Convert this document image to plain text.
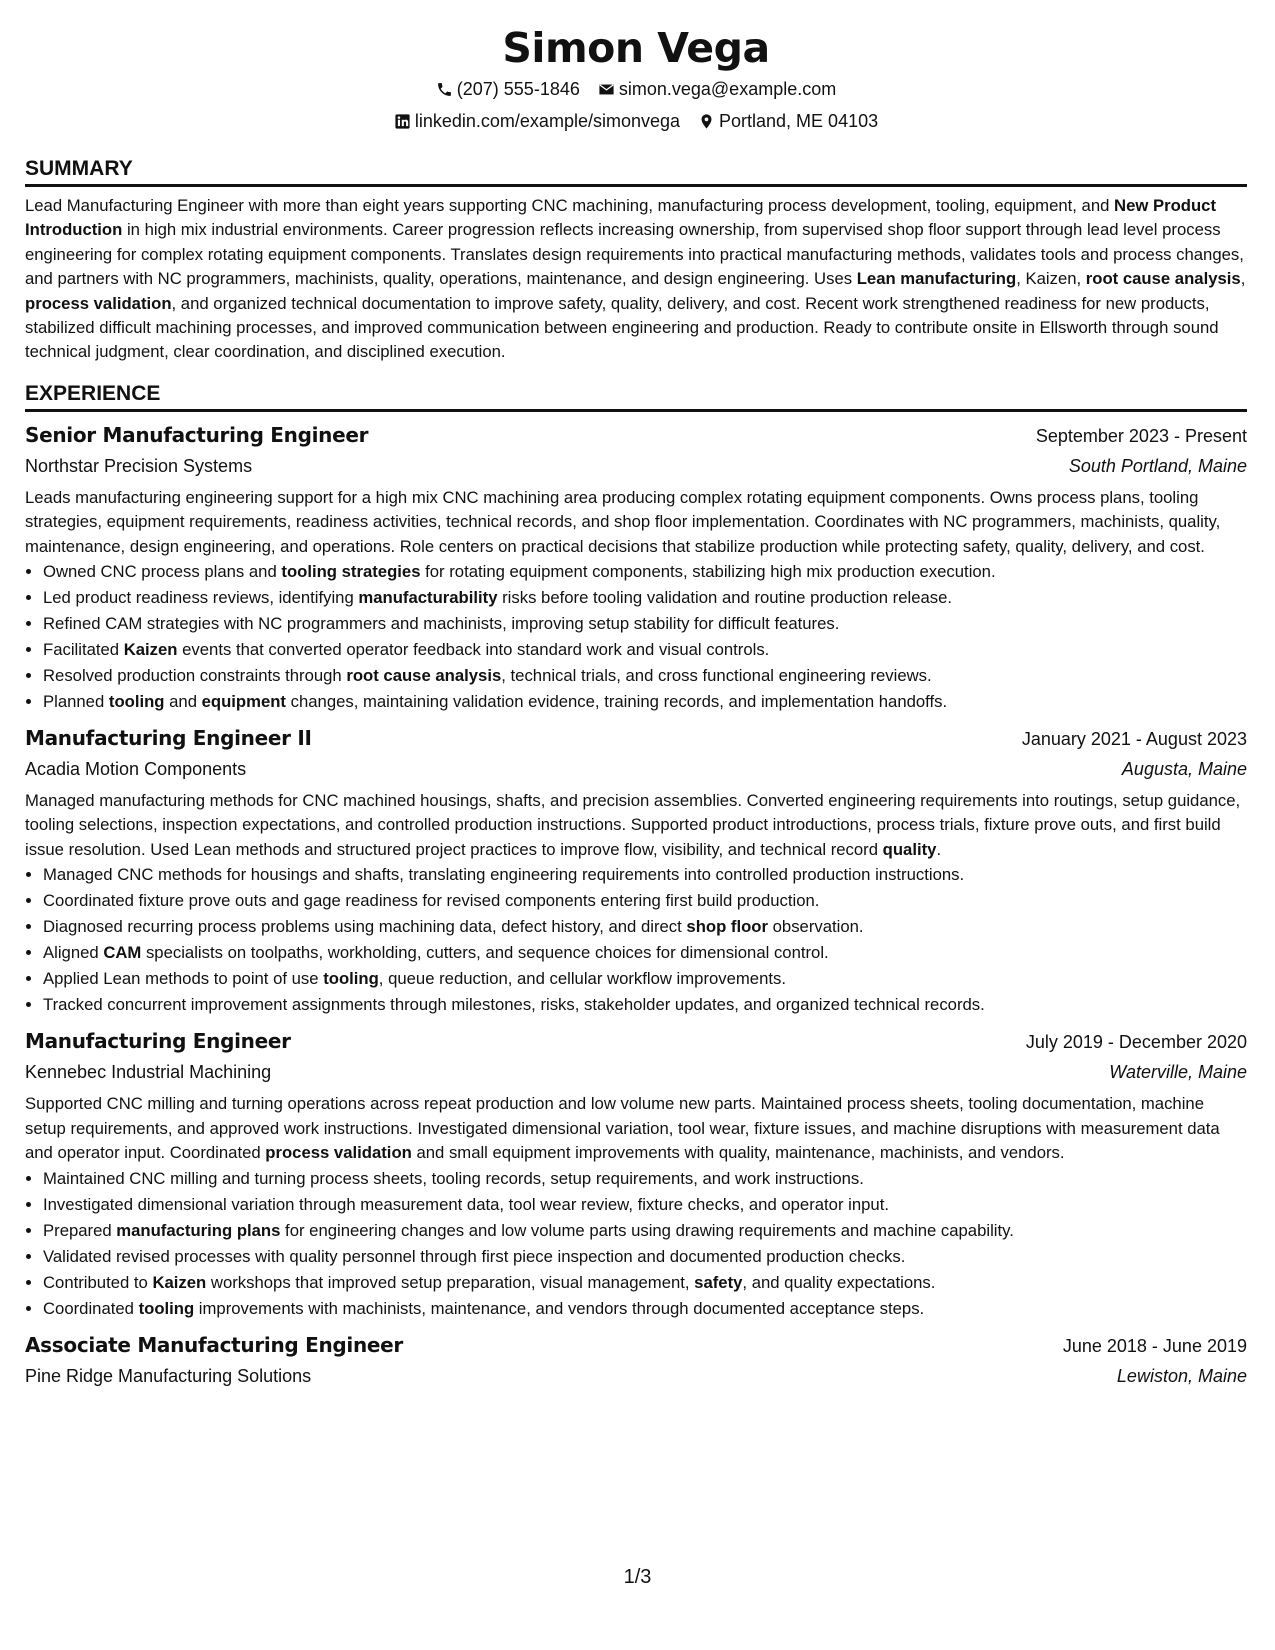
Simon Vega
(207) 555-1846 simon.vega@example.com
linkedin.com/example/simonvega Portland, ME 04103
SUMMARY

Lead Manufacturing Engineer with more than eight years supporting CNC machining, manufacturing process development, tooling, equipment, and New Product Introduction in high mix industrial environments. Career progression reflects increasing ownership, from supervised shop floor support through lead level process engineering for complex rotating equipment components. Translates design requirements into practical manufacturing methods, validates tools and process changes, and partners with NC programmers, machinists, quality, operations, maintenance, and design engineering. Uses Lean manufacturing, Kaizen, root cause analysis, process validation, and organized technical documentation to improve safety, quality, delivery, and cost. Recent work strengthened readiness for new products, stabilized difficult machining processes, and improved communication between engineering and production. Ready to contribute onsite in Ellsworth through sound technical judgment, clear coordination, and disciplined execution.

EXPERIENCE
Senior Manufacturing Engineer	September 2023 - Present
Northstar Precision Systems	South Portland, Maine

Leads manufacturing engineering support for a high mix CNC machining area producing complex rotating equipment components. Owns process plans, tooling strategies, equipment requirements, readiness activities, technical records, and shop floor implementation. Coordinates with NC programmers, machinists, quality, maintenance, design engineering, and operations. Role centers on practical decisions that stabilize production while protecting safety, quality, delivery, and cost.

• Owned CNC process plans and tooling strategies for rotating equipment components, stabilizing high mix production execution.
• Led product readiness reviews, identifying manufacturability risks before tooling validation and routine production release.
• Refined CAM strategies with NC programmers and machinists, improving setup stability for difficult features.
• Facilitated Kaizen events that converted operator feedback into standard work and visual controls.
• Resolved production constraints through root cause analysis, technical trials, and cross functional engineering reviews.
• Planned tooling and equipment changes, maintaining validation evidence, training records, and implementation handoffs.
Manufacturing Engineer II	January 2021 - August 2023
Acadia Motion Components	Augusta, Maine

Managed manufacturing methods for CNC machined housings, shafts, and precision assemblies. Converted engineering requirements into routings, setup guidance, tooling selections, inspection expectations, and controlled production instructions. Supported product introductions, process trials, fixture prove outs, and first build issue resolution. Used Lean methods and structured project practices to improve flow, visibility, and technical record quality.

• Managed CNC methods for housings and shafts, translating engineering requirements into controlled production instructions.
• Coordinated fixture prove outs and gage readiness for revised components entering first build production.
• Diagnosed recurring process problems using machining data, defect history, and direct shop floor observation.
• Aligned CAM specialists on toolpaths, workholding, cutters, and sequence choices for dimensional control.
• Applied Lean methods to point of use tooling, queue reduction, and cellular workflow improvements.
• Tracked concurrent improvement assignments through milestones, risks, stakeholder updates, and organized technical records.
Manufacturing Engineer	July 2019 - December 2020
Kennebec Industrial Machining	Waterville, Maine

Supported CNC milling and turning operations across repeat production and low volume new parts. Maintained process sheets, tooling documentation, machine setup requirements, and approved work instructions. Investigated dimensional variation, tool wear, fixture issues, and machine disruptions with measurement data and operator input. Coordinated process validation and small equipment improvements with quality, maintenance, machinists, and vendors.

• Maintained CNC milling and turning process sheets, tooling records, setup requirements, and work instructions.
• Investigated dimensional variation through measurement data, tool wear review, fixture checks, and operator input.
• Prepared manufacturing plans for engineering changes and low volume parts using drawing requirements and machine capability.
• Validated revised processes with quality personnel through first piece inspection and documented production checks.
• Contributed to Kaizen workshops that improved setup preparation, visual management, safety, and quality expectations.
• Coordinated tooling improvements with machinists, maintenance, and vendors through documented acceptance steps.
Associate Manufacturing Engineer	June 2018 - June 2019
Pine Ridge Manufacturing Solutions	Lewiston, Maine
1/3
